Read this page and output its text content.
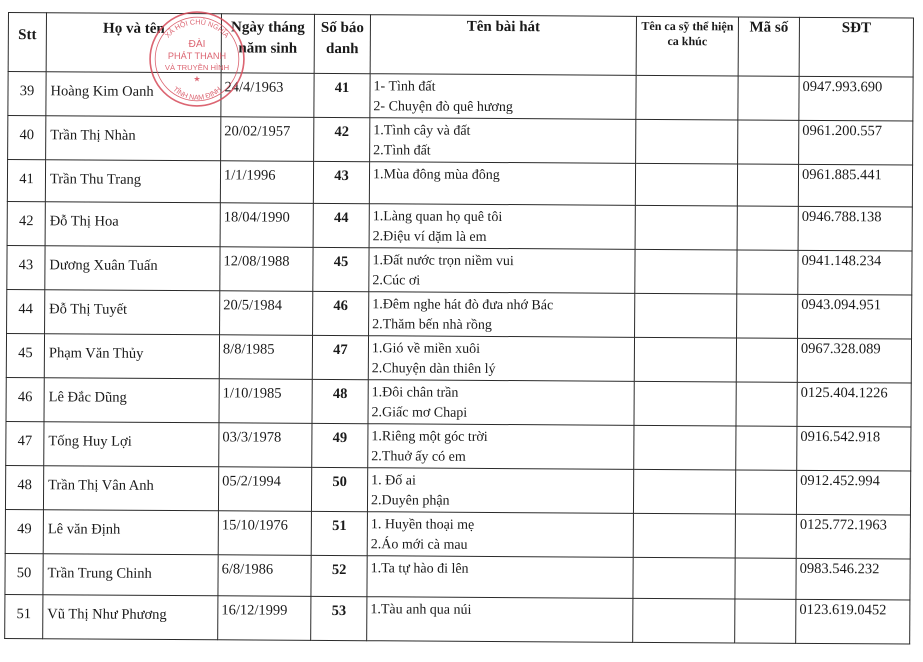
Stt	Họ và tên	Ngày tháng năm sinh	Số báo danh	Tên bài hát	Tên ca sỹ thể hiện ca khúc	Mã số	SĐT
39	Hoàng Kim Oanh	24/4/1963	41	1- Tình đất
2- Chuyện đò quê hương			0947.993.690
40	Trần Thị Nhàn	20/02/1957	42	1.Tình cây và đất
2.Tình đất			0961.200.557
41	Trần Thu Trang	1/1/1996	43	1.Mùa đông mùa đông			0961.885.441
42	Đỗ Thị Hoa	18/04/1990	44	1.Làng quan họ quê tôi
2.Điệu ví dặm là em			0946.788.138
43	Dương Xuân Tuấn	12/08/1988	45	1.Đất nước trọn niềm vui
2.Cúc ơi			0941.148.234
44	Đỗ Thị Tuyết	20/5/1984	46	1.Đêm nghe hát đò đưa nhớ Bác
2.Thăm bến nhà rồng			0943.094.951
45	Phạm Văn Thủy	8/8/1985	47	1.Gió về miền xuôi
2.Chuyện dàn thiên lý			0967.328.089
46	Lê Đắc Dũng	1/10/1985	48	1.Đôi chân trần
2.Giấc mơ Chapi			0125.404.1226
47	Tống Huy Lợi	03/3/1978	49	1.Riêng một góc trời
2.Thuở ấy có em			0916.542.918
48	Trần Thị Vân Anh	05/2/1994	50	1. Đố ai
2.Duyên phận			0912.452.994
49	Lê văn Định	15/10/1976	51	1. Huyền thoại mẹ
2.Áo mới cà mau			0125.772.1963
50	Trần Trung Chinh	6/8/1986	52	1.Ta tự hào đi lên			0983.546.232
51	Vũ Thị Như Phương	16/12/1999	53	1.Tàu anh qua núi			0123.619.0452
XÃ HỘI CHỦ NGHĨA
TỈNH NAM ĐỊNH
ĐÀI
PHÁT THANH
VÀ TRUYỀN HÌNH
★
